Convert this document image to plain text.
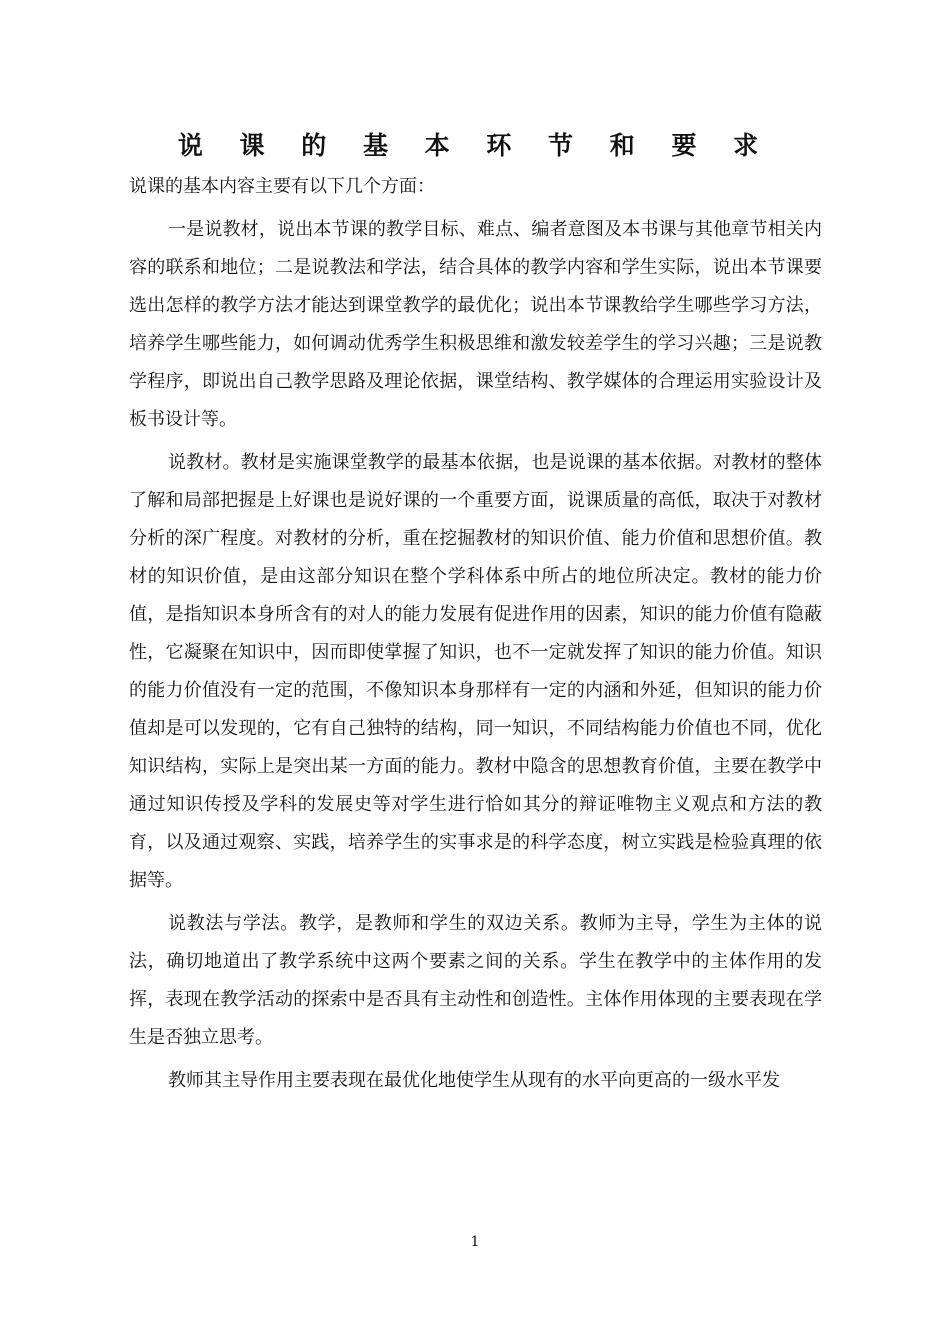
说 课 的 基 本 环 节 和 要 求

说课的基本内容主要有以下几个方面：

一是说教材，说出本节课的教学目标、难点、编者意图及本书课与其他章节相关内容的联系和地位；二是说教法和学法，结合具体的教学内容和学生实际，说出本节课要选出怎样的教学方法才能达到课堂教学的最优化；说出本节课教给学生哪些学习方法，培养学生哪些能力，如何调动优秀学生积极思维和激发较差学生的学习兴趣；三是说教学程序，即说出自己教学思路及理论依据，课堂结构、教学媒体的合理运用实验设计及板书设计等。

说教材。教材是实施课堂教学的最基本依据，也是说课的基本依据。对教材的整体了解和局部把握是上好课也是说好课的一个重要方面，说课质量的高低，取决于对教材分析的深广程度。对教材的分析，重在挖掘教材的知识价值、能力价值和思想价值。教材的知识价值，是由这部分知识在整个学科体系中所占的地位所决定。教材的能力价值，是指知识本身所含有的对人的能力发展有促进作用的因素，知识的能力价值有隐蔽性，它凝聚在知识中，因而即使掌握了知识，也不一定就发挥了知识的能力价值。知识的能力价值没有一定的范围，不像知识本身那样有一定的内涵和外延，但知识的能力价值却是可以发现的，它有自己独特的结构，同一知识，不同结构能力价值也不同，优化知识结构，实际上是突出某一方面的能力。教材中隐含的思想教育价值，主要在教学中通过知识传授及学科的发展史等对学生进行恰如其分的辩证唯物主义观点和方法的教育，以及通过观察、实践，培养学生的实事求是的科学态度，树立实践是检验真理的依据等。

说教法与学法。教学，是教师和学生的双边关系。教师为主导，学生为主体的说法，确切地道出了教学系统中这两个要素之间的关系。学生在教学中的主体作用的发挥，表现在教学活动的探索中是否具有主动性和创造性。主体作用体现的主要表现在学生是否独立思考。

教师其主导作用主要表现在最优化地使学生从现有的水平向更高的一级水平发

1
